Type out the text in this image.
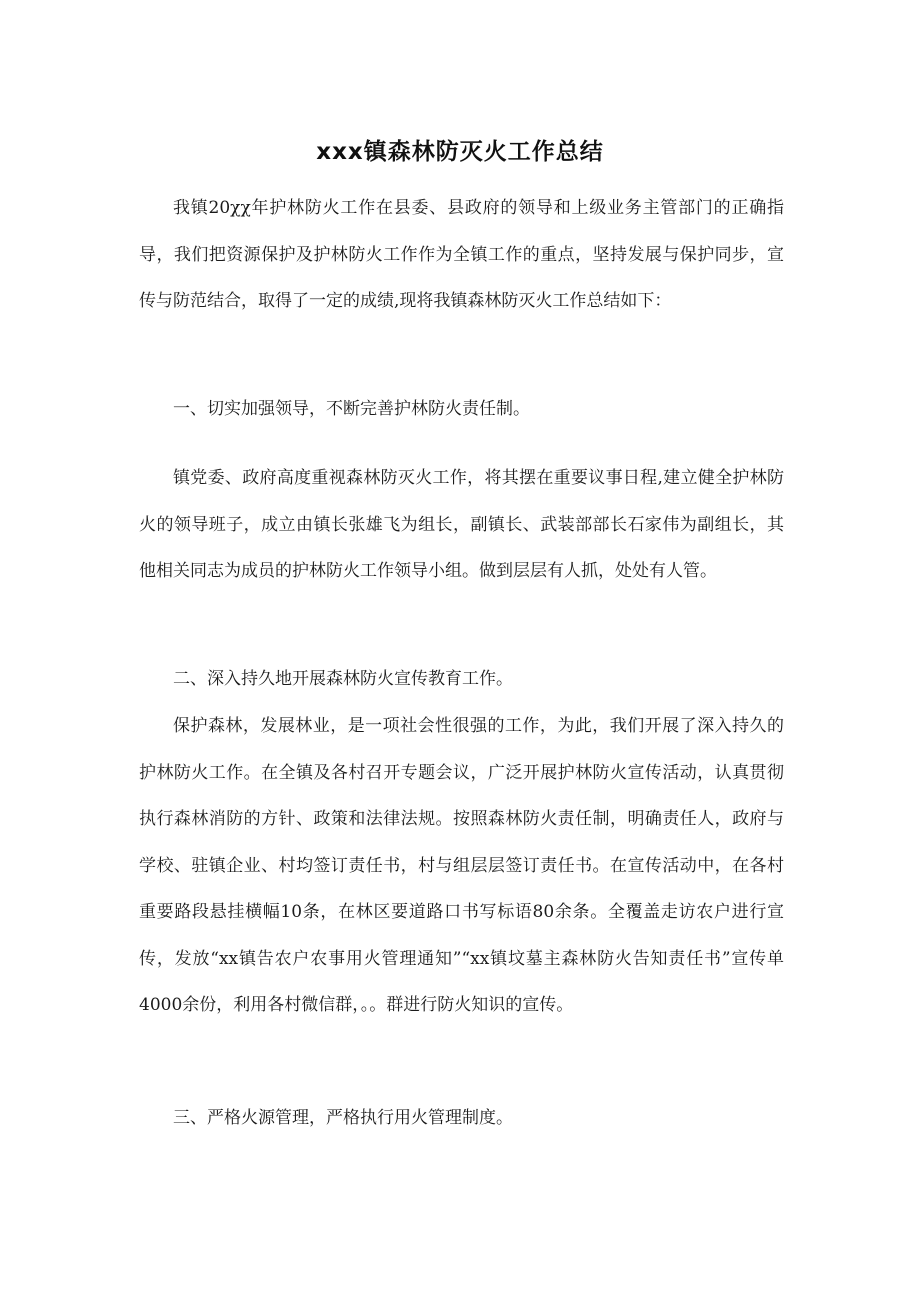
xxx镇森林防灭火工作总结

我镇20χχ年护林防火工作在县委、县政府的领导和上级业务主管部门的正确指导，我们把资源保护及护林防火工作作为全镇工作的重点，坚持发展与保护同步，宣传与防范结合，取得了一定的成绩,现将我镇森林防灭火工作总结如下：

一、切实加强领导，不断完善护林防火责任制。

镇党委、政府高度重视森林防灭火工作，将其摆在重要议事日程,建立健全护林防火的领导班子，成立由镇长张雄飞为组长，副镇长、武装部部长石家伟为副组长，其他相关同志为成员的护林防火工作领导小组。做到层层有人抓，处处有人管。

二、深入持久地开展森林防火宣传教育工作。

保护森林，发展林业，是一项社会性很强的工作，为此，我们开展了深入持久的护林防火工作。在全镇及各村召开专题会议，广泛开展护林防火宣传活动，认真贯彻执行森林消防的方针、政策和法律法规。按照森林防火责任制，明确责任人，政府与学校、驻镇企业、村均签订责任书，村与组层层签订责任书。在宣传活动中，在各村重要路段悬挂横幅10条，在林区要道路口书写标语80余条。全覆盖走访农户进行宣传，发放“xx镇告农户农事用火管理通知”“xx镇坟墓主森林防火告知责任书”宣传单4000余份，利用各村微信群，。。群进行防火知识的宣传。

三、严格火源管理，严格执行用火管理制度。
